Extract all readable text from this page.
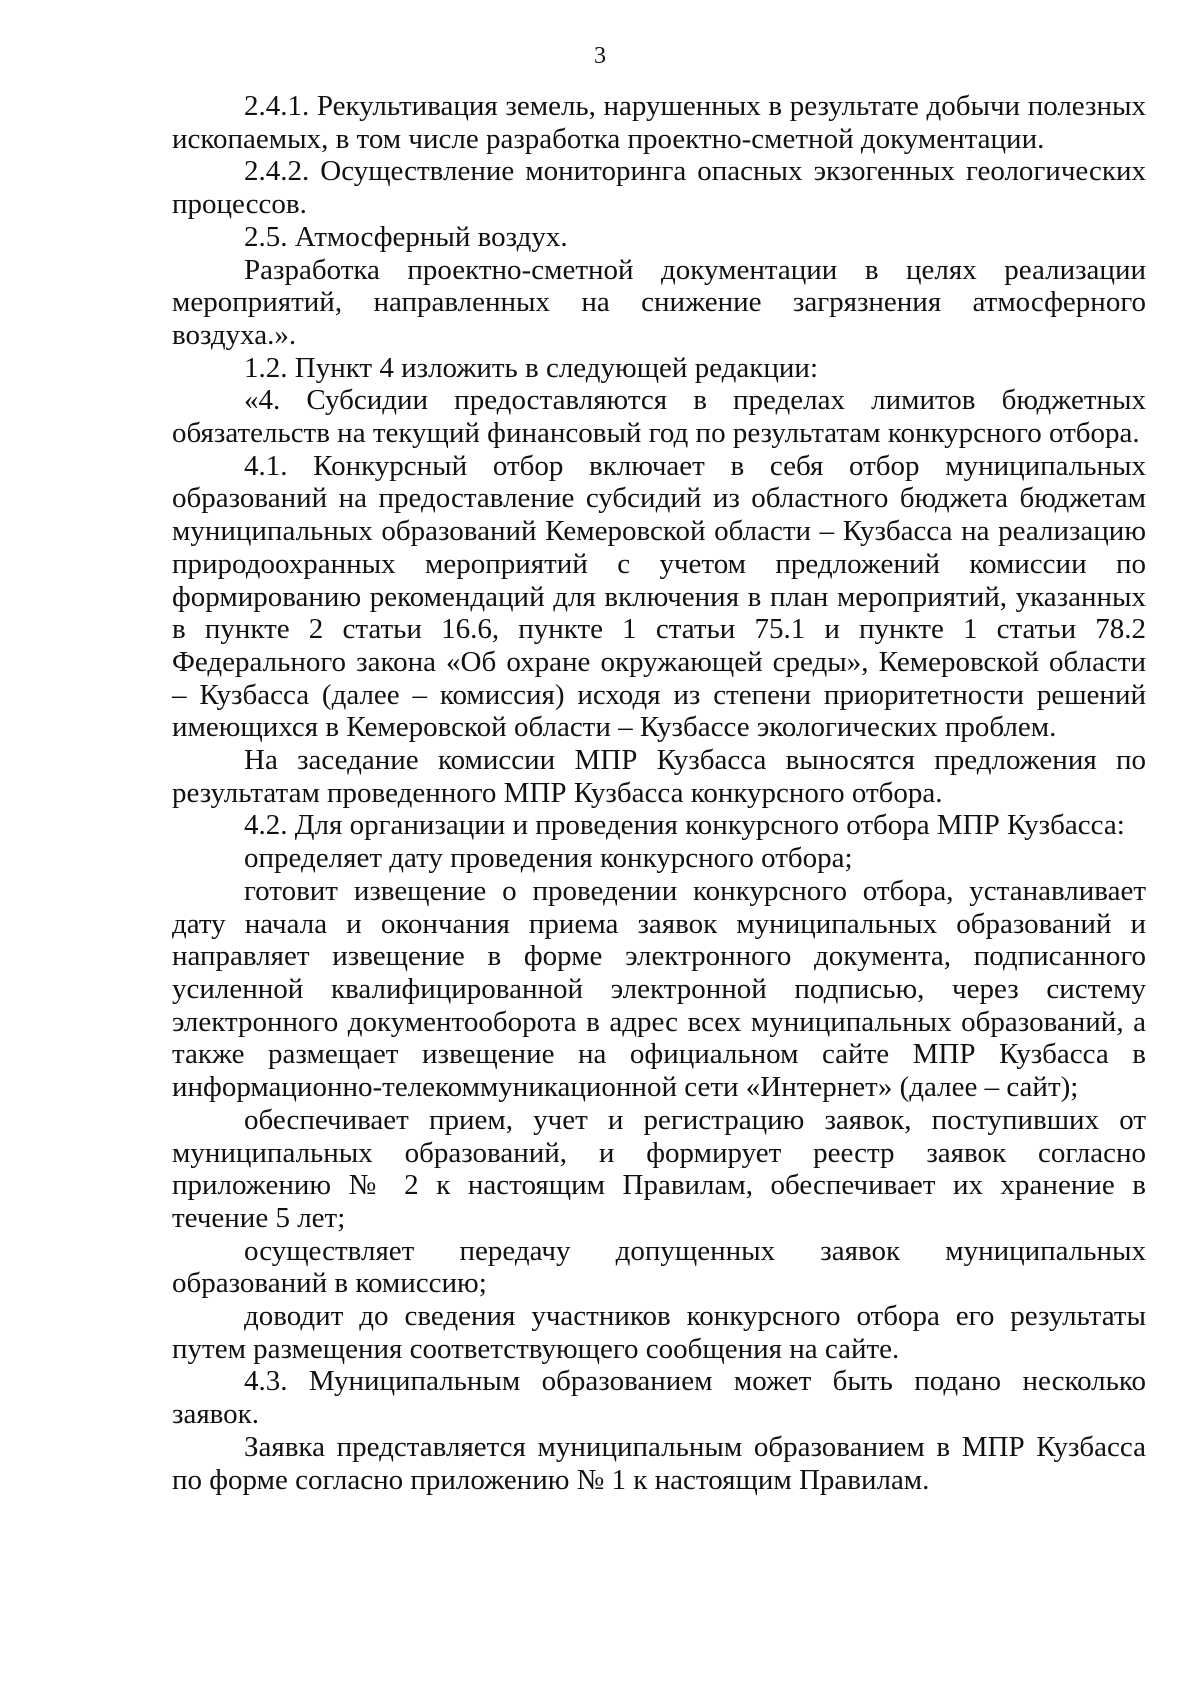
3

2.4.1. Рекультивация земель, нарушенных в результате добычи полезных ископаемых, в том числе разработка проектно-сметной документации.

2.4.2. Осуществление мониторинга опасных экзогенных геологических процессов.

2.5. Атмосферный воздух.

Разработка проектно-сметной документации в целях реализации мероприятий, направленных на снижение загрязнения атмосферного воздуха.».

1.2. Пункт 4 изложить в следующей редакции:

«4. Субсидии предоставляются в пределах лимитов бюджетных обязательств на текущий финансовый год по результатам конкурсного отбора.

4.1. Конкурсный отбор включает в себя отбор муниципальных образований на предоставление субсидий из областного бюджета бюджетам муниципальных образований Кемеровской области – Кузбасса на реализацию природоохранных мероприятий с учетом предложений комиссии по формированию рекомендаций для включения в план мероприятий, указанных в пункте 2 статьи 16.6, пункте 1 статьи 75.1 и пункте 1 статьи 78.2 Федерального закона «Об охране окружающей среды», Кемеровской области – Кузбасса (далее – комиссия) исходя из степени приоритетности решений имеющихся в Кемеровской области – Кузбассе экологических проблем.

На заседание комиссии МПР Кузбасса выносятся предложения по результатам проведенного МПР Кузбасса конкурсного отбора.

4.2. Для организации и проведения конкурсного отбора МПР Кузбасса:

определяет дату проведения конкурсного отбора;

готовит извещение о проведении конкурсного отбора, устанавливает дату начала и окончания приема заявок муниципальных образований и направляет извещение в форме электронного документа, подписанного усиленной квалифицированной электронной подписью, через систему электронного документооборота в адрес всех муниципальных образований, а также размещает извещение на официальном сайте МПР Кузбасса в информационно-телекоммуникационной сети «Интернет» (далее – сайт);

обеспечивает прием, учет и регистрацию заявок, поступивших от муниципальных образований, и формирует реестр заявок согласно приложению № 2 к настоящим Правилам, обеспечивает их хранение в течение 5 лет;

осуществляет передачу допущенных заявок муниципальных образований в комиссию;

доводит до сведения участников конкурсного отбора его результаты путем размещения соответствующего сообщения на сайте.

4.3. Муниципальным образованием может быть подано несколько заявок.

Заявка представляется муниципальным образованием в МПР Кузбасса по форме согласно приложению № 1 к настоящим Правилам.
